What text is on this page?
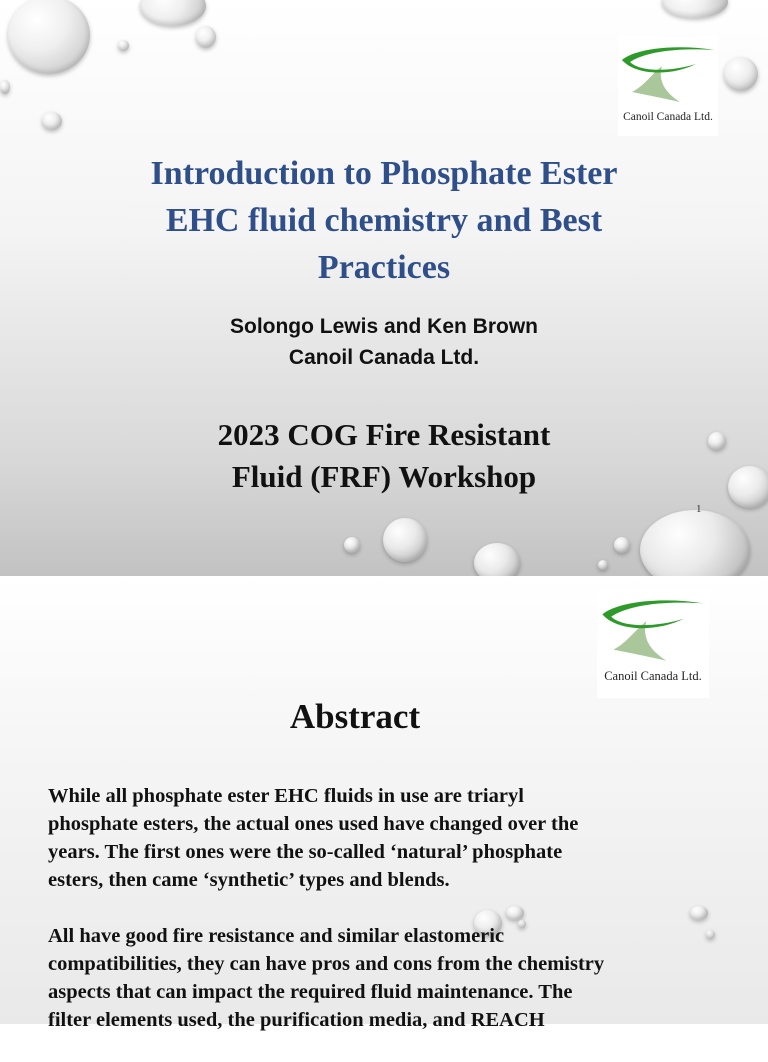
Canoil Canada Ltd.
Introduction to Phosphate Ester
EHC fluid chemistry and Best
Practices
Solongo Lewis and Ken Brown
Canoil Canada Ltd.
2023 COG Fire Resistant
Fluid (FRF) Workshop
1
Canoil Canada Ltd.
Abstract

While all phosphate ester EHC fluids in use are triaryl
phosphate esters, the actual ones used have changed over the
years. The first ones were the so-called ‘natural’ phosphate
esters, then came ‘synthetic’ types and blends.

All have good fire resistance and similar elastomeric
compatibilities, they can have pros and cons from the chemistry
aspects that can impact the required fluid maintenance. The
filter elements used, the purification media, and REACH
